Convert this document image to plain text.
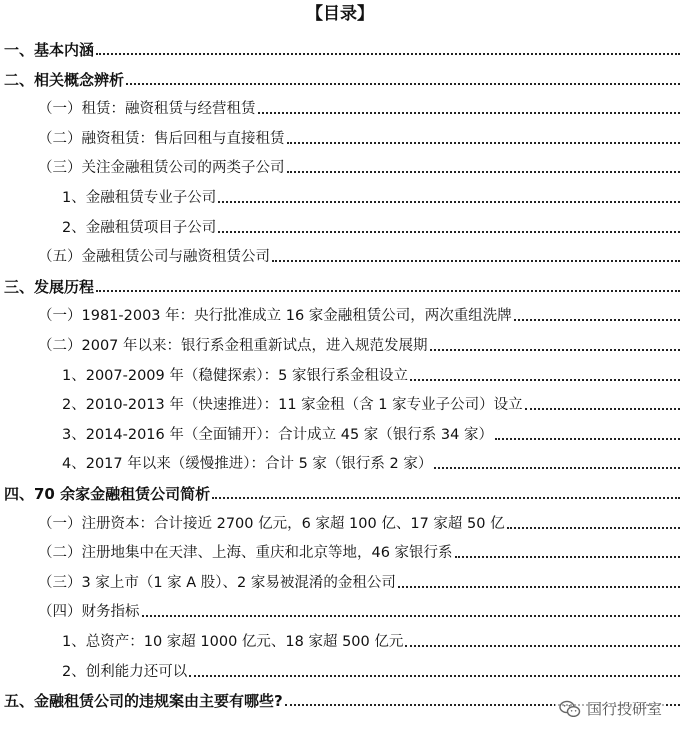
【目录】
一、基本内涵
二、相关概念辨析
（一）租赁：融资租赁与经营租赁
（二）融资租赁：售后回租与直接租赁
（三）关注金融租赁公司的两类子公司
1、金融租赁专业子公司
2、金融租赁项目子公司
（五）金融租赁公司与融资租赁公司
三、发展历程
（一）1981-2003 年：央行批准成立 16 家金融租赁公司，两次重组洗牌
（二）2007 年以来：银行系金租重新试点，进入规范发展期
1、2007-2009 年（稳健探索）：5 家银行系金租设立
2、2010-2013 年（快速推进）：11 家金租（含 1 家专业子公司）设立
3、2014-2016 年（全面铺开）：合计成立 45 家（银行系 34 家）
4、2017 年以来（缓慢推进）：合计 5 家（银行系 2 家）
四、70 余家金融租赁公司简析
（一）注册资本：合计接近 2700 亿元，6 家超 100 亿、17 家超 50 亿
（二）注册地集中在天津、上海、重庆和北京等地，46 家银行系
（三）3 家上市（1 家 A 股）、2 家易被混淆的金租公司
（四）财务指标
1、总资产：10 家超 1000 亿元、18 家超 500 亿元
2、创利能力还可以
五、金融租赁公司的违规案由主要有哪些?	国行投研室
